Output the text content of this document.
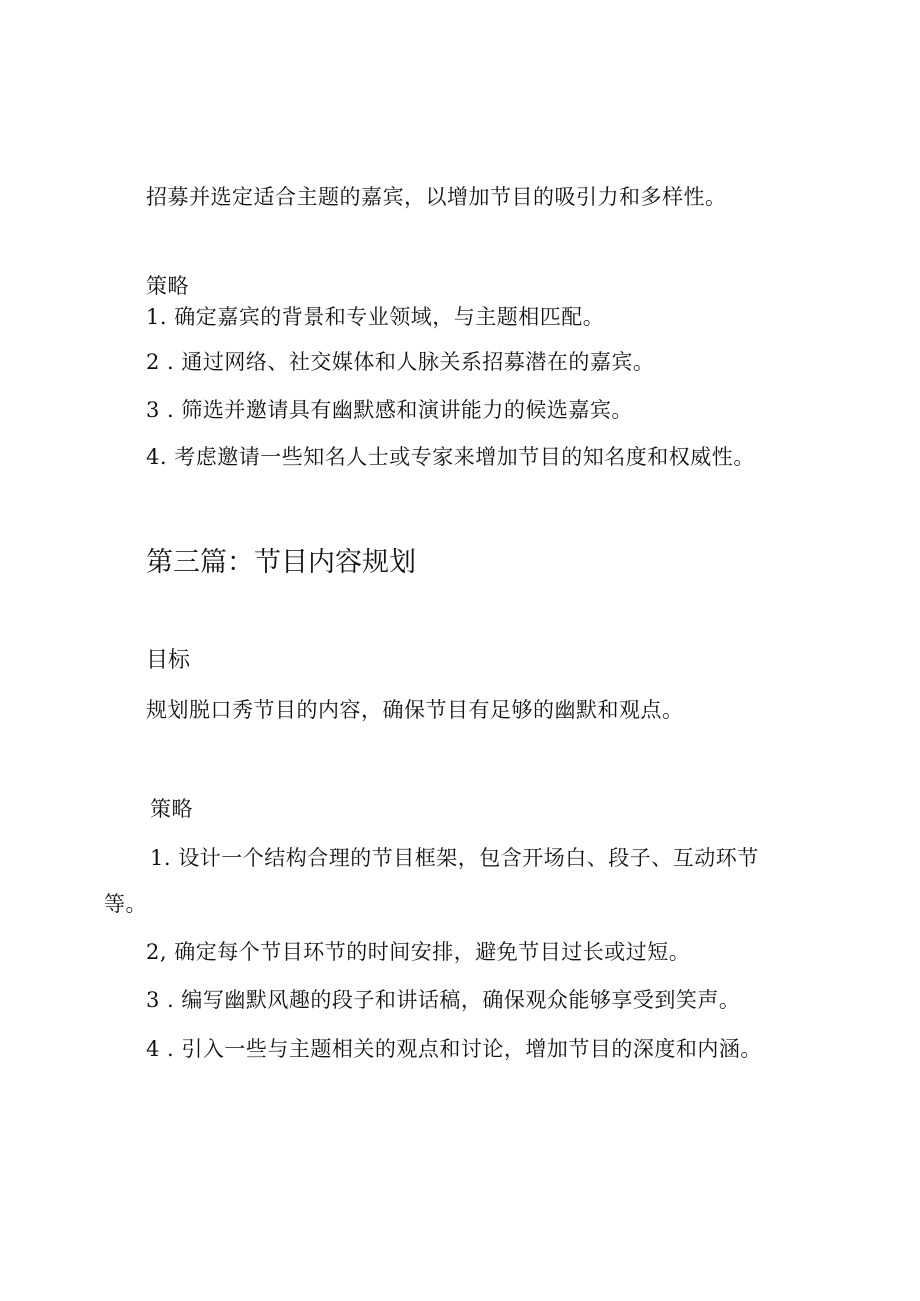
招募并选定适合主题的嘉宾，以增加节目的吸引力和多样性。
策略
1. 确定嘉宾的背景和专业领域，与主题相匹配。
2 . 通过网络、社交媒体和人脉关系招募潜在的嘉宾。
3 . 筛选并邀请具有幽默感和演讲能力的候选嘉宾。
4. 考虑邀请一些知名人士或专家来增加节目的知名度和权威性。
第三篇：节目内容规划
目标
规划脱口秀节目的内容，确保节目有足够的幽默和观点。
策略
1. 设计一个结构合理的节目框架，包含开场白、段子、互动环节
等。
2, 确定每个节目环节的时间安排，避免节目过长或过短。
3 . 编写幽默风趣的段子和讲话稿，确保观众能够享受到笑声。
4 . 引入一些与主题相关的观点和讨论，增加节目的深度和内涵。
